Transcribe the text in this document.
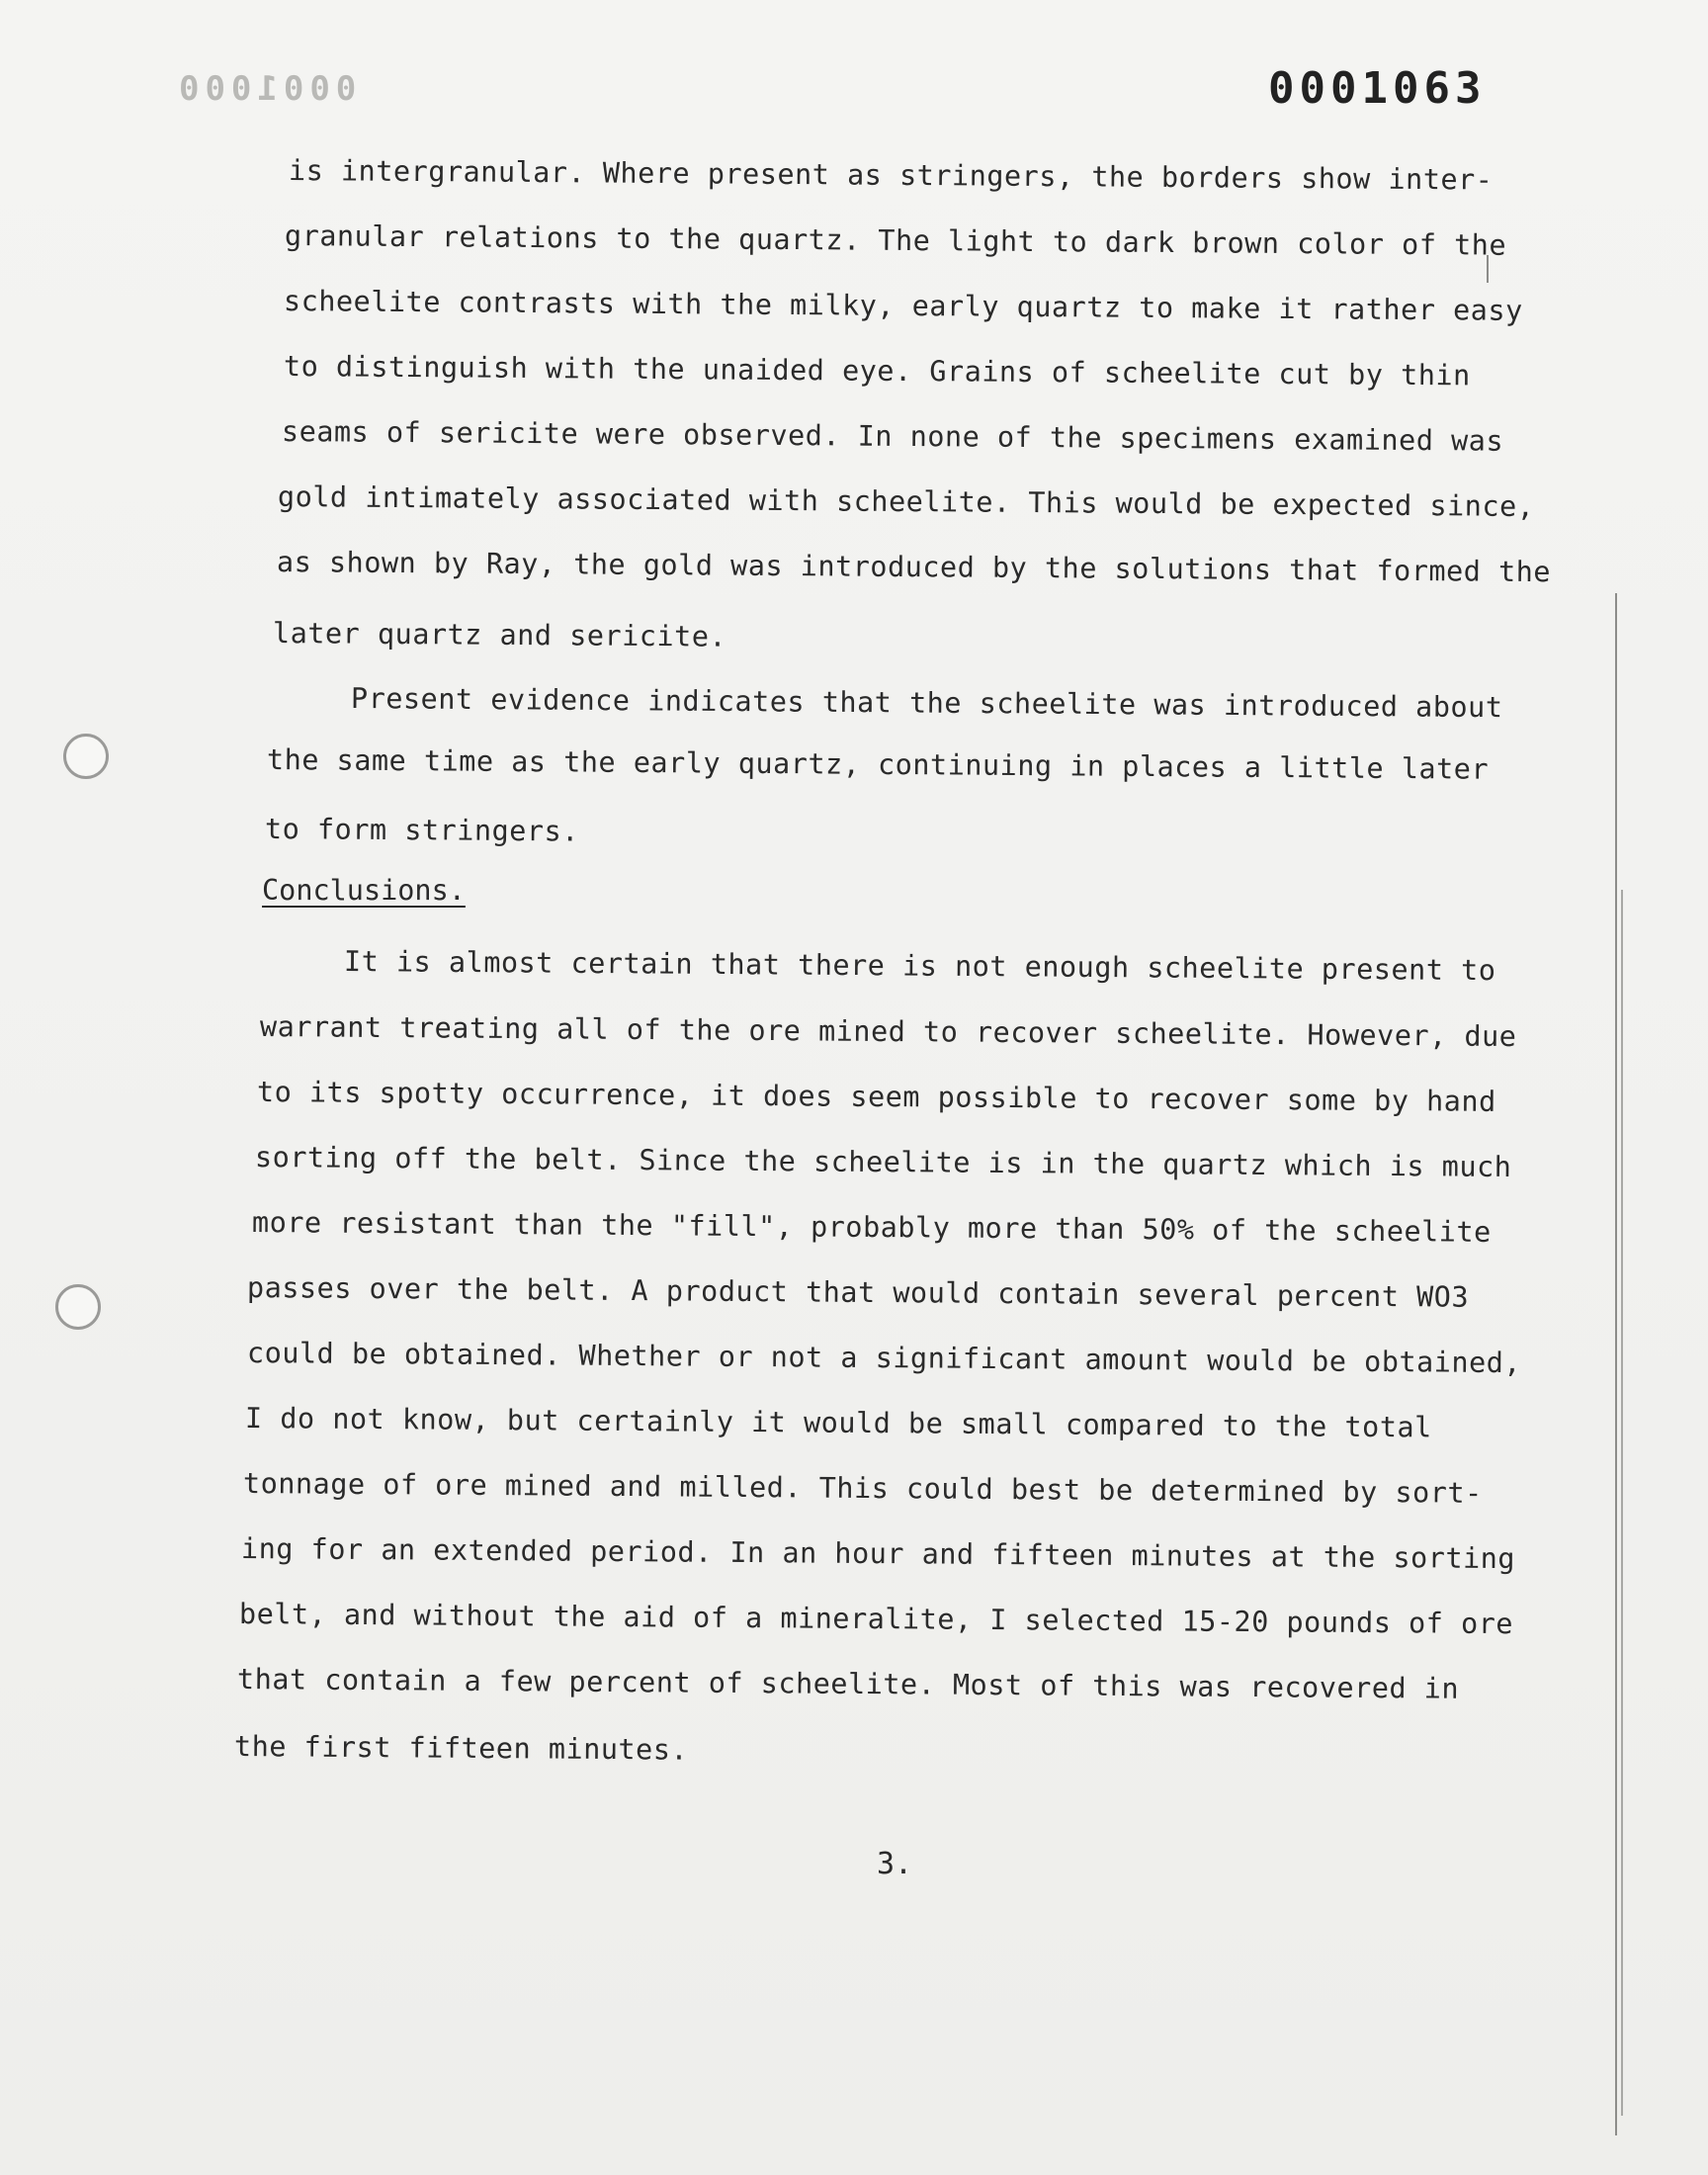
0001000	0001063
is intergranular. Where present as stringers, the borders show inter-
granular relations to the quartz. The light to dark brown color of the
scheelite contrasts with the milky, early quartz to make it rather easy
to distinguish with the unaided eye. Grains of scheelite cut by thin
seams of sericite were observed. In none of the specimens examined was
gold intimately associated with scheelite. This would be expected since,
as shown by Ray, the gold was introduced by the solutions that formed the
later quartz and sericite.
Present evidence indicates that the scheelite was introduced about
the same time as the early quartz, continuing in places a little later
to form stringers.
Conclusions.
It is almost certain that there is not enough scheelite present to
warrant treating all of the ore mined to recover scheelite. However, due
to its spotty occurrence, it does seem possible to recover some by hand
sorting off the belt. Since the scheelite is in the quartz which is much
more resistant than the "fill", probably more than 50% of the scheelite
passes over the belt. A product that would contain several percent WO3
could be obtained. Whether or not a significant amount would be obtained,
I do not know, but certainly it would be small compared to the total
tonnage of ore mined and milled. This could best be determined by sort-
ing for an extended period. In an hour and fifteen minutes at the sorting
belt, and without the aid of a mineralite, I selected 15-20 pounds of ore
that contain a few percent of scheelite. Most of this was recovered in
the first fifteen minutes.
3.
